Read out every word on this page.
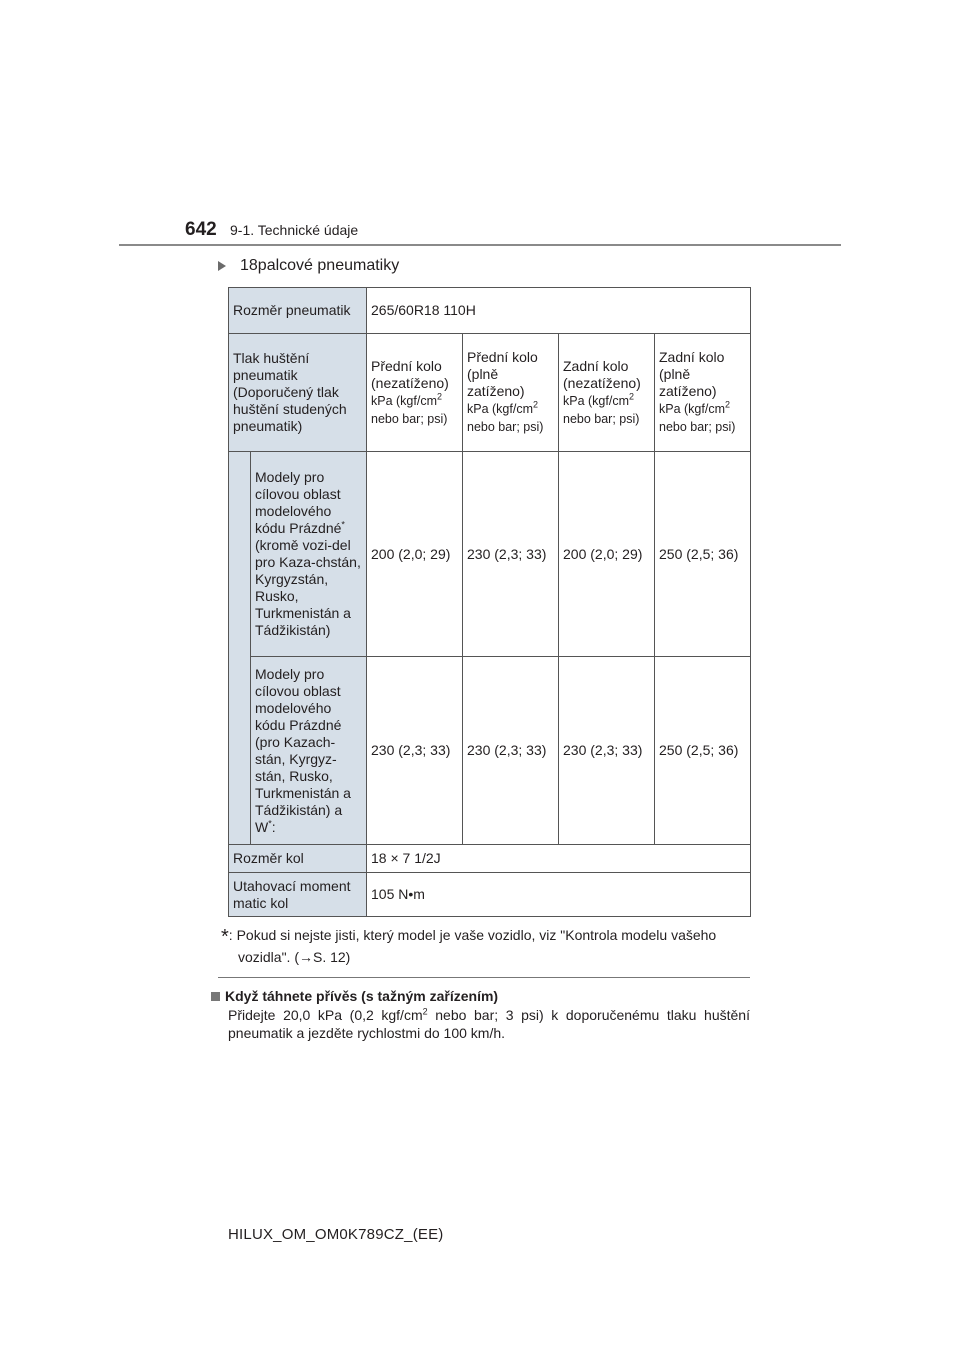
642 9-1. Technické údaje
18palcové pneumatiky
Rozměr pneumatik		265/60R18 110H			
Tlak huštění pneumatik (Doporučený tlak huštění studených pneumatik)		Přední kolo (nezatíženo)
kPa ($kgf/cm^2$
nebo bar; psi)	Přední kolo (plně zatíženo)
kPa ($kgf/cm^2$
nebo bar; psi)	Zadní kolo (nezatíženo)
kPa ($kgf/cm^2$
nebo bar; psi)	Zadní kolo (plně zatíženo)
kPa ($kgf/cm^2$
nebo bar; psi)
	Modely pro cílovou oblast modelového kódu Prázdné* (kromě vozi-del pro Kaza-chstán, Kyrgyzstán, Rusko, Turkmenistán a Tádžikistán)	200 (2,0; 29)	230 (2,3; 33)	200 (2,0; 29)	250 (2,5; 36)
	Modely pro cílovou oblast modelového kódu Prázdné (pro Kazach-stán, Kyrgyz-stán, Rusko, Turkmenistán a Tádžikistán) a W*:	230 (2,3; 33)	230 (2,3; 33)	230 (2,3; 33)	250 (2,5; 36)
Rozměr kol		18 × 7 1/2J			
Utahovací moment matic kol		105 N•m			
*: Pokud si nejste jisti, který model je vaše vozidlo, viz "Kontrola modelu vašeho
vozidla". (→S. 12)
Když táhnete přívěs (s tažným zařízením)
Přidejte 20,0 kPa (0,2 kgf/$cm^2$ nebo bar; 3 psi) k doporučenému tlaku huštění pneumatik a jezděte rychlostmi do 100 km/h.
HILUX_OM_OM0K789CZ_(EE)
